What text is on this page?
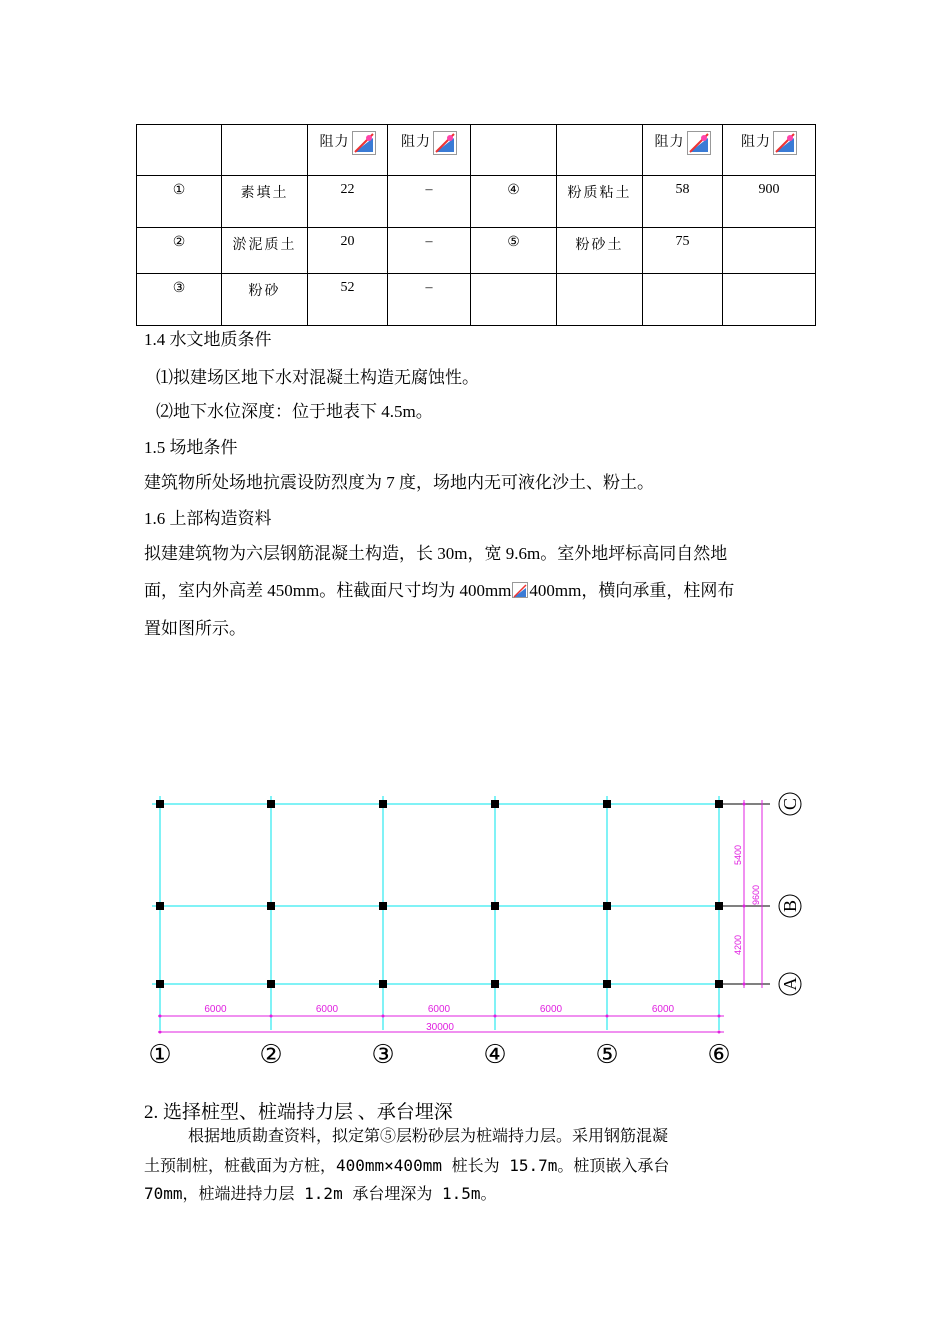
		阻力	阻力			阻力	阻力

①	素填土	22	–	④	粉质粘土	58	900
②	淤泥质土	20	–	⑤	粉砂土	75	
③	粉砂	52	–				
1.4 水文地质条件
⑴拟建场区地下水对混凝土构造无腐蚀性。
⑵地下水位深度：位于地表下 4.5m。
1.5 场地条件
建筑物所处场地抗震设防烈度为 7 度，场地内无可液化沙土、粉土。
1.6 上部构造资料
拟建建筑物为六层钢筋混凝土构造，长 30m，宽 9.6m。室外地坪标高同自然地
面，室内外高差 450mm。柱截面尺寸均为 400mm 400mm，横向承重，柱网布
置如图所示。
6000	6000	6000	6000	6000
30000
5400
4200
9600
①	②	③	④	⑤	⑥
C
B
A
2. 选择桩型、桩端持力层 、承台埋深
根据地质勘查资料，拟定第⑤层粉砂层为桩端持力层。采用钢筋混凝
土预制桩，桩截面为方桩，400mm×400mm 桩长为 15.7m。桩顶嵌入承台
70mm，桩端进持力层 1.2m 承台埋深为 1.5m。
